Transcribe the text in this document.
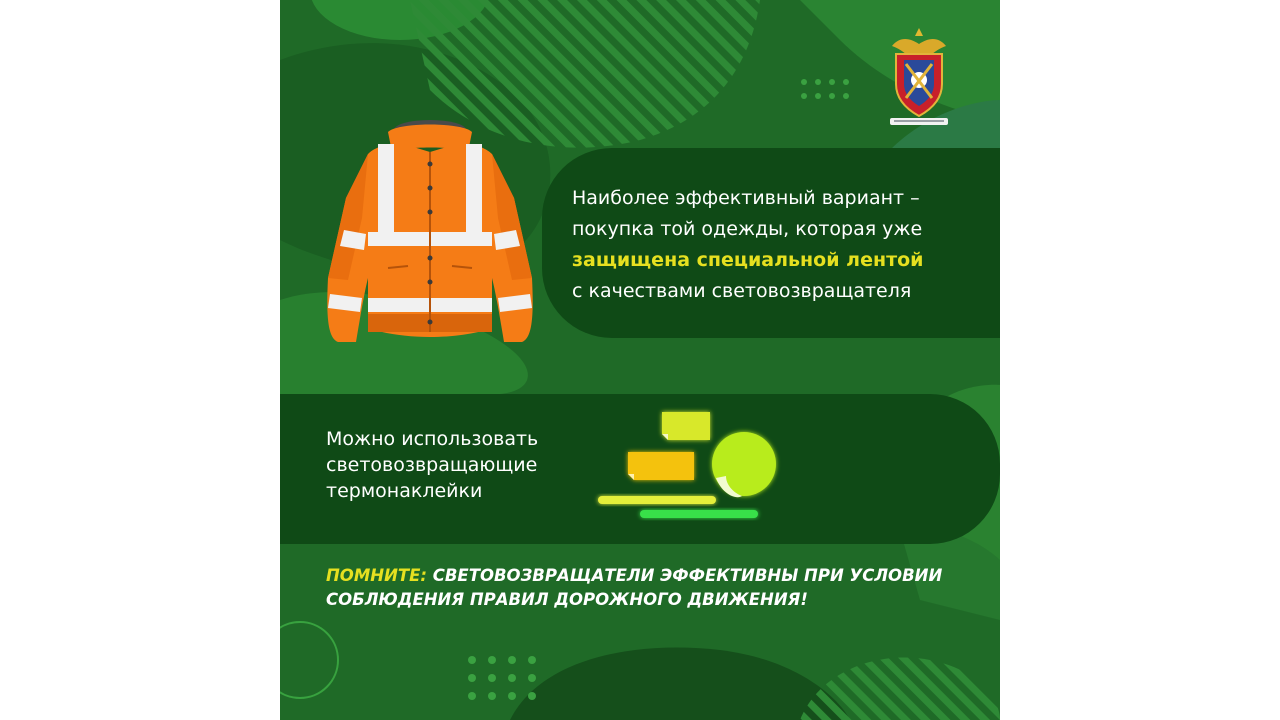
Наиболее эффективный вариант –
покупка той одежды, которая уже
защищена специальной лентой
с качествами световозвращателя
Можно использовать
световозвращающие
термонаклейки
ПОМНИТЕ: СВЕТОВОЗВРАЩАТЕЛИ ЭФФЕКТИВНЫ ПРИ УСЛОВИИ
СОБЛЮДЕНИЯ ПРАВИЛ ДОРОЖНОГО ДВИЖЕНИЯ!
